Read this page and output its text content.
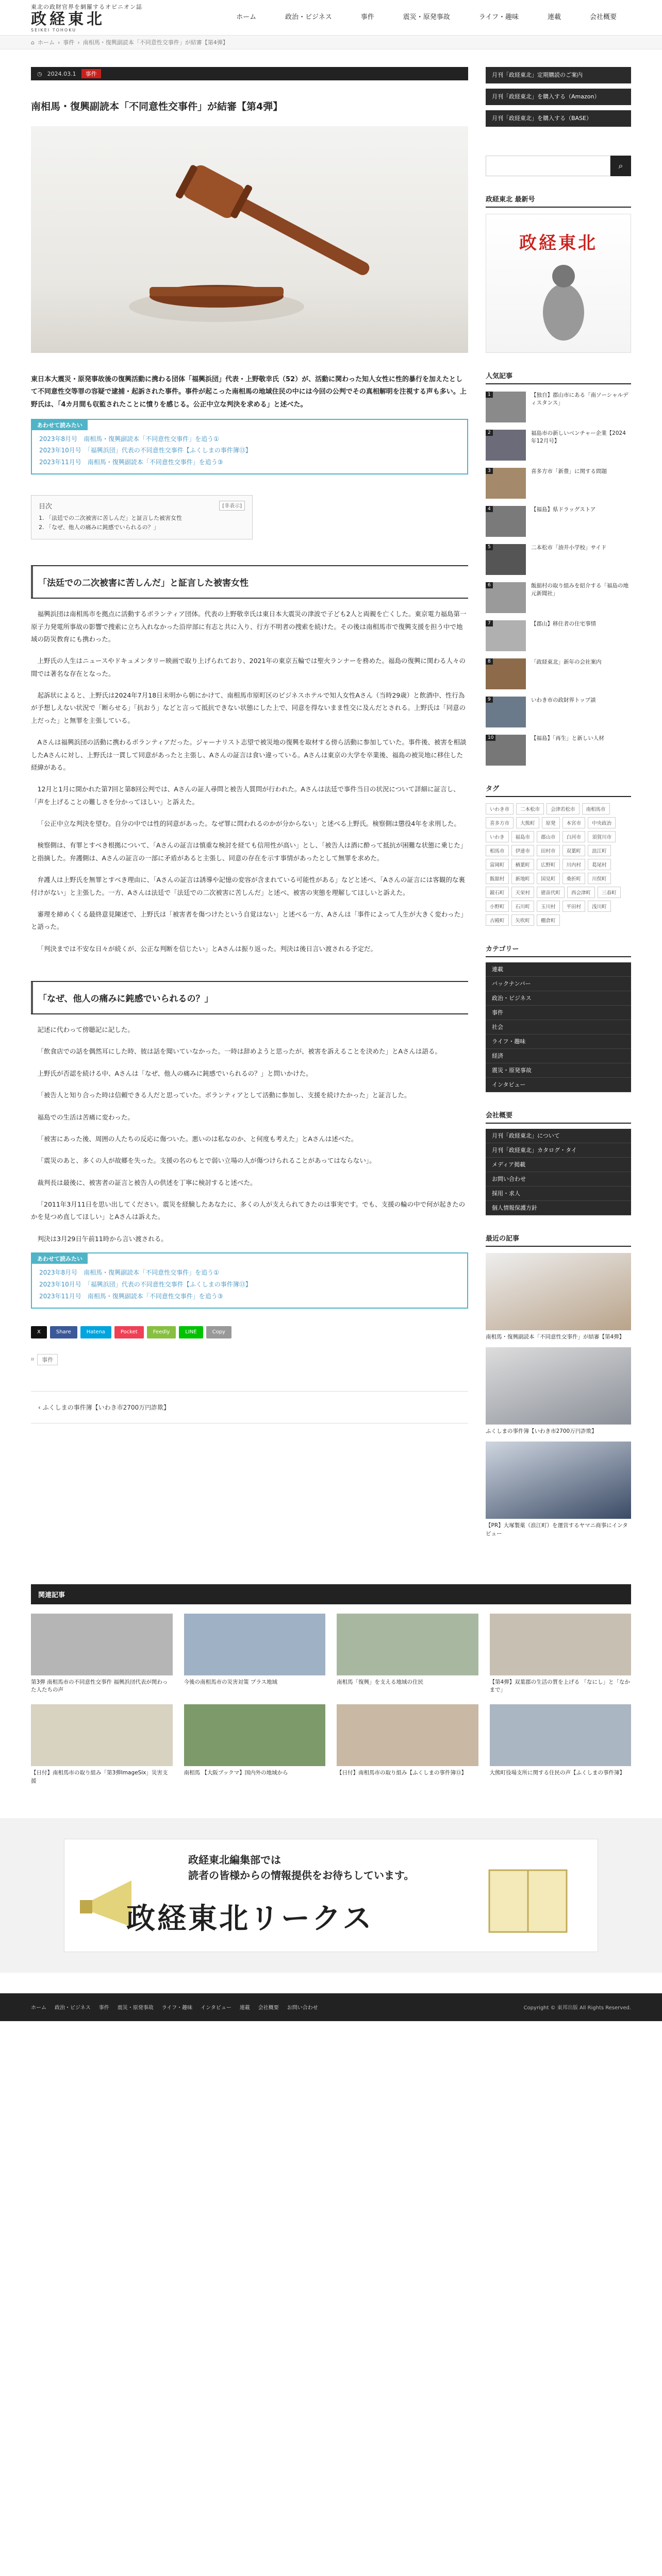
東北の政財官界を網羅するオピニオン誌
政経東北
SEIKEI TOHOKU
ホーム	政治・ビジネス	事件	震災・原発事故	ライフ・趣味	連載	会社概要
⌂ ホーム › 事件 › 南相馬・復興副読本「不同意性交事件」が結審【第4弾】
◷ 2024.03.1	事件
南相馬・復興副読本「不同意性交事件」が結審【第4弾】

東日本大震災・原発事故後の復興活動に携わる団体「福興浜団」代表・上野敬幸氏（52）が、活動に関わった知人女性に性的暴行を加えたとして不同意性交等罪の容疑で逮捕・起訴された事件。事件が起こった南相馬の地域住民の中には今回の公判でその真相解明を注視する声も多い。上野氏は、「4カ月間も収監されたことに憤りを感じる。公正中立な判決を求める」と述べた。

あわせて読みたい
2023年8月号　南相馬・復興副読本「不同意性交事件」を追う①
2023年10月号　「福興浜団」代表の不同意性交事件【ふくしまの事件簿⑬】
2023年11月号　南相馬・復興副読本「不同意性交事件」を追う③
目次	[非表示]
1. 「法廷での二次被害に苦しんだ」と証言した被害女性
2. 「なぜ、他人の痛みに鈍感でいられるの？」
「法廷での二次被害に苦しんだ」と証言した被害女性

福興浜団は南相馬市を拠点に活動するボランティア団体。代表の上野敬幸氏は東日本大震災の津波で子ども2人と両親を亡くした。東京電力福島第一原子力発電所事故の影響で捜索に立ち入れなかった沿岸部に有志と共に入り、行方不明者の捜索を続けた。その後は南相馬市で復興支援を担う中で地域の防災教育にも携わった。

上野氏の人生はニュースやドキュメンタリー映画で取り上げられており、2021年の東京五輪では聖火ランナーを務めた。福島の復興に関わる人々の間では著名な存在となった。

起訴状によると、上野氏は2024年7月18日未明から朝にかけて、南相馬市原町区のビジネスホテルで知人女性Aさん（当時29歳）と飲酒中、性行為が予想しえない状況で「断らせる」「抗おう」などと言って抵抗できない状態にした上で、同意を得ないまま性交に及んだとされる。上野氏は「同意の上だった」と無罪を主張している。

Aさんは福興浜団の活動に携わるボランティアだった。ジャーナリスト志望で被災地の復興を取材する傍ら活動に参加していた。事件後、被害を相談したAさんに対し、上野氏は一貫して同意があったと主張し、Aさんの証言は食い違っている。Aさんは東京の大学を卒業後、福島の被災地に移住した経緯がある。

12月と1月に開かれた第7回と第8回公判では、Aさんの証人尋問と被告人質問が行われた。Aさんは法廷で事件当日の状況について詳細に証言し、「声を上げることの難しさを分かってほしい」と訴えた。

「公正中立な判決を望む。自分の中では性的同意があった。なぜ罪に問われるのかが分からない」と述べる上野氏。検察側は懲役4年を求刑した。

検察側は、有罪とすべき根拠について、「Aさんの証言は慎重な検討を経ても信用性が高い」とし、「被告人は酒に酔って抵抗が困難な状態に乗じた」と指摘した。弁護側は、Aさんの証言の一部に矛盾があると主張し、同意の存在を示す事情があったとして無罪を求めた。

弁護人は上野氏を無罪とすべき理由に、「Aさんの証言は誘導や記憶の変容が含まれている可能性がある」などと述べ、「Aさんの証言には客観的な裏付けがない」と主張した。一方、Aさんは法廷で「法廷での二次被害に苦しんだ」と述べ、被害の実態を理解してほしいと訴えた。

審理を締めくくる最終意見陳述で、上野氏は「被害者を傷つけたという自覚はない」と述べる一方、Aさんは「事件によって人生が大きく変わった」と語った。

「判決までは不安な日々が続くが、公正な判断を信じたい」とAさんは振り返った。判決は後日言い渡される予定だ。

「なぜ、他人の痛みに鈍感でいられるの？」

記述に代わって傍聴記に記した。

「飲食店での話を偶然耳にした時、彼は話を聞いていなかった。一時は辞めようと思ったが、被害を訴えることを決めた」とAさんは語る。

上野氏が否認を続ける中、Aさんは「なぜ、他人の痛みに鈍感でいられるの？」と問いかけた。

「被告人と知り合った時は信頼できる人だと思っていた。ボランティアとして活動に参加し、支援を続けたかった」と証言した。

福島での生活は苦痛に変わった。

「被害にあった後、周囲の人たちの反応に傷ついた。悪いのは私なのか、と何度も考えた」とAさんは述べた。

「震災のあと、多くの人が故郷を失った。支援の名のもとで弱い立場の人が傷つけられることがあってはならない」。

裁判長は最後に、被害者の証言と被告人の供述を丁寧に検討すると述べた。

「2011年3月11日を思い出してください。震災を経験したあなたに、多くの人が支えられてきたのは事実です。でも、支援の輪の中で何が起きたのかを見つめ直してほしい」とAさんは訴えた。

判決は3月29日午前11時から言い渡される。

あわせて読みたい
2023年8月号　南相馬・復興副読本「不同意性交事件」を追う①
2023年10月号　「福興浜団」代表の不同意性交事件【ふくしまの事件簿⑬】
2023年11月号　南相馬・復興副読本「不同意性交事件」を追う③
X	Share	Hatena	Pocket	Feedly	LINE	Copy
⌗	事件
‹ ふくしまの事件簿【いわき市2700万円詐欺】
月刊「政経東北」定期購読のご案内
月刊「政経東北」を購入する（Amazon）
月刊「政経東北」を購入する（BASE）
⌕
政経東北 最新号
政経東北
人気記事
1	【独自】郡山市にある「南ソーシャルディスタンス」
2	福島市の新しいベンチャー企業【2024年12月号】
3	喜多方市「新豊」に関する問題
4	【福島】県ドラッグストア
5	二本松市「油井小学校」サイド
6	飯舘村の取り組みを紹介する「福島の地元新聞社」
7	【郡山】移住者の住宅事情
8	「政経東北」新年の会社案内
9	いわき市の政財界トップ談
10	【福島】「再生」と新しい人材
タグ
いわき市	二本松市	会津若松市	南相馬市
喜多方市	大熊町	原発	本宮市	中央政治
いわき	福島市	郡山市	白河市	須賀川市
相馬市	伊達市	田村市	双葉町	浪江町
富岡町	楢葉町	広野町	川内村	葛尾村
飯舘村	新地町	国見町	桑折町	川俣町
鏡石町	天栄村	猪苗代町	西会津町	三春町
小野町	石川町	玉川村	平田村	浅川町
古殿町	矢吹町	棚倉町
カテゴリー
連載
バックナンバー
政治・ビジネス
事件
社会
ライフ・趣味
経済
震災・原発事故
インタビュー
会社概要
月刊「政経東北」について
月刊「政経東北」カタログ・タイ
メディア掲載
お問い合わせ
採用・求人
個人情報保護方針
最近の記事
南相馬・復興副読本「不同意性交事件」が結審【第4弾】
ふくしまの事件簿【いわき市2700万円詐欺】
【PR】大塚製薬（浪江町）を運営するヤマニ商事にインタビュー
関連記事
第3弾 南相馬市の不同意性交事件 福興浜団代表が関わった人たちの声
今後の南相馬市の災害対策 プラス地域	南相馬「復興」を支える地域の住民	【第4弾】双葉郡の生活の質を上げる 「なにし」と「なかまで」
【日付】南相馬市の取り組み「第3弾ImageSix」災害支援
南相馬 【大阪ブックマ】国内外の地域から	【日付】南相馬市の取り組み【ふくしまの事件簿⑬】	大熊町役場支所に関する住民の声【ふくしまの事件簿】
政経東北編集部では
読者の皆様からの情報提供をお待ちしています。
政経東北リークス
ホーム 政治・ビジネス 事件 震災・原発事故 ライフ・趣味 インタビュー 連載 会社概要 お問い合わせ	Copyright © 東邦出版 All Rights Reserved.
